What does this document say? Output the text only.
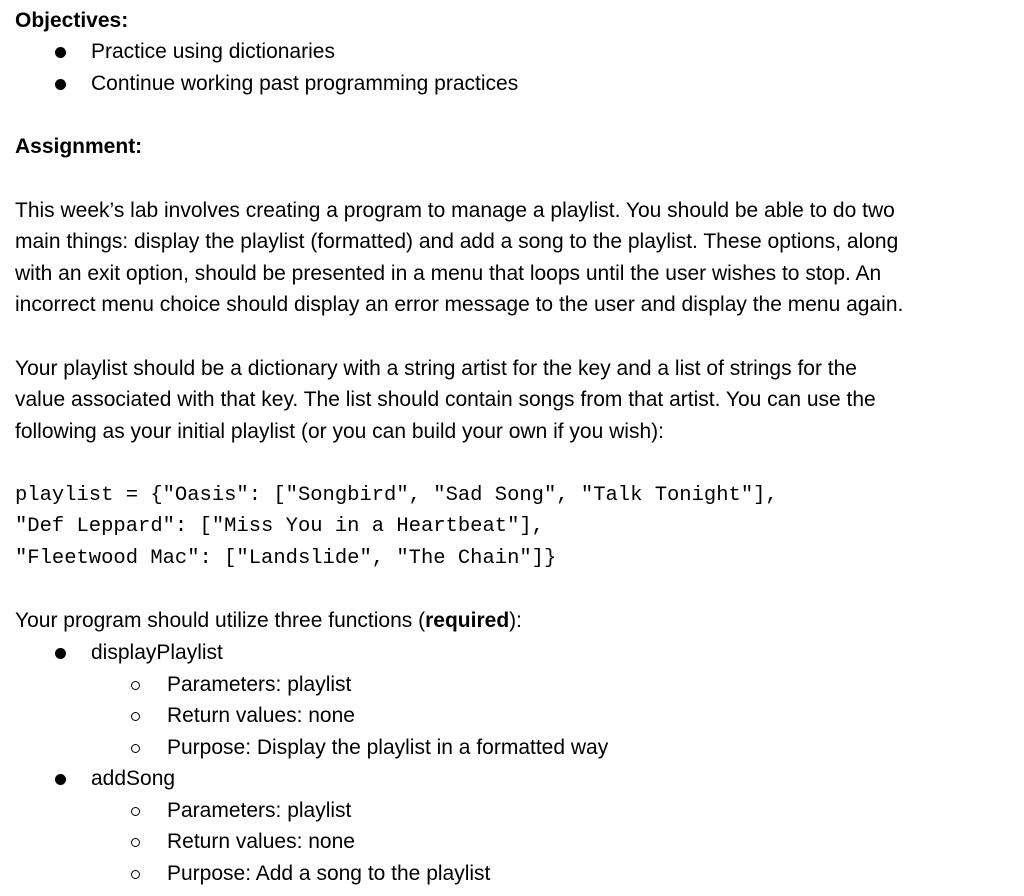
Objectives:
Practice using dictionaries
Continue working past programming practices
Assignment:
This week’s lab involves creating a program to manage a playlist. You should be able to do two
main things: display the playlist (formatted) and add a song to the playlist. These options, along
with an exit option, should be presented in a menu that loops until the user wishes to stop. An
incorrect menu choice should display an error message to the user and display the menu again.
Your playlist should be a dictionary with a string artist for the key and a list of strings for the
value associated with that key. The list should contain songs from that artist. You can use the
following as your initial playlist (or you can build your own if you wish):
playlist = {"Oasis": ["Songbird", "Sad Song", "Talk Tonight"],
"Def Leppard": ["Miss You in a Heartbeat"],
"Fleetwood Mac": ["Landslide", "The Chain"]}
Your program should utilize three functions (required):
displayPlaylist
Parameters: playlist
Return values: none
Purpose: Display the playlist in a formatted way
addSong
Parameters: playlist
Return values: none
Purpose: Add a song to the playlist
